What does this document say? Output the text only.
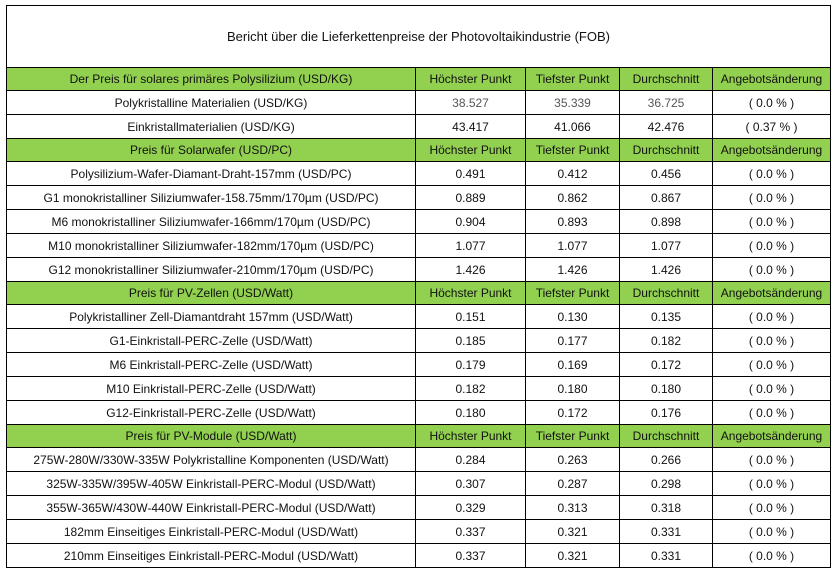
Bericht über die Lieferkettenpreise der Photovoltaikindustrie (FOB)				
Der Preis für solares primäres Polysilizium (USD/KG)	Höchster Punkt	Tiefster Punkt	Durchschnitt	Angebotsänderung
Polykristalline Materialien (USD/KG)	38.527	35.339	36.725	( 0.0 % )
Einkristallmaterialien (USD/KG)	43.417	41.066	42.476	( 0.37 % )
Preis für Solarwafer (USD/PC)	Höchster Punkt	Tiefster Punkt	Durchschnitt	Angebotsänderung
Polysilizium-Wafer-Diamant-Draht-157mm (USD/PC)	0.491	0.412	0.456	( 0.0 % )
G1 monokristalliner Siliziumwafer-158.75mm/170µm (USD/PC)	0.889	0.862	0.867	( 0.0 % )
M6 monokristalliner Siliziumwafer-166mm/170µm (USD/PC)	0.904	0.893	0.898	( 0.0 % )
M10 monokristalliner Siliziumwafer-182mm/170µm (USD/PC)	1.077	1.077	1.077	( 0.0 % )
G12 monokristalliner Siliziumwafer-210mm/170µm (USD/PC)	1.426	1.426	1.426	( 0.0 % )
Preis für PV-Zellen (USD/Watt)	Höchster Punkt	Tiefster Punkt	Durchschnitt	Angebotsänderung
Polykristalliner Zell-Diamantdraht 157mm (USD/Watt)	0.151	0.130	0.135	( 0.0 % )
G1-Einkristall-PERC-Zelle (USD/Watt)	0.185	0.177	0.182	( 0.0 % )
M6 Einkristall-PERC-Zelle (USD/Watt)	0.179	0.169	0.172	( 0.0 % )
M10 Einkristall-PERC-Zelle (USD/Watt)	0.182	0.180	0.180	( 0.0 % )
G12-Einkristall-PERC-Zelle (USD/Watt)	0.180	0.172	0.176	( 0.0 % )
Preis für PV-Module (USD/Watt)	Höchster Punkt	Tiefster Punkt	Durchschnitt	Angebotsänderung
275W-280W/330W-335W Polykristalline Komponenten (USD/Watt)	0.284	0.263	0.266	( 0.0 % )
325W-335W/395W-405W Einkristall-PERC-Modul (USD/Watt)	0.307	0.287	0.298	( 0.0 % )
355W-365W/430W-440W Einkristall-PERC-Modul (USD/Watt)	0.329	0.313	0.318	( 0.0 % )
182mm Einseitiges Einkristall-PERC-Modul (USD/Watt)	0.337	0.321	0.331	( 0.0 % )
210mm Einseitiges Einkristall-PERC-Modul (USD/Watt)	0.337	0.321	0.331	( 0.0 % )
